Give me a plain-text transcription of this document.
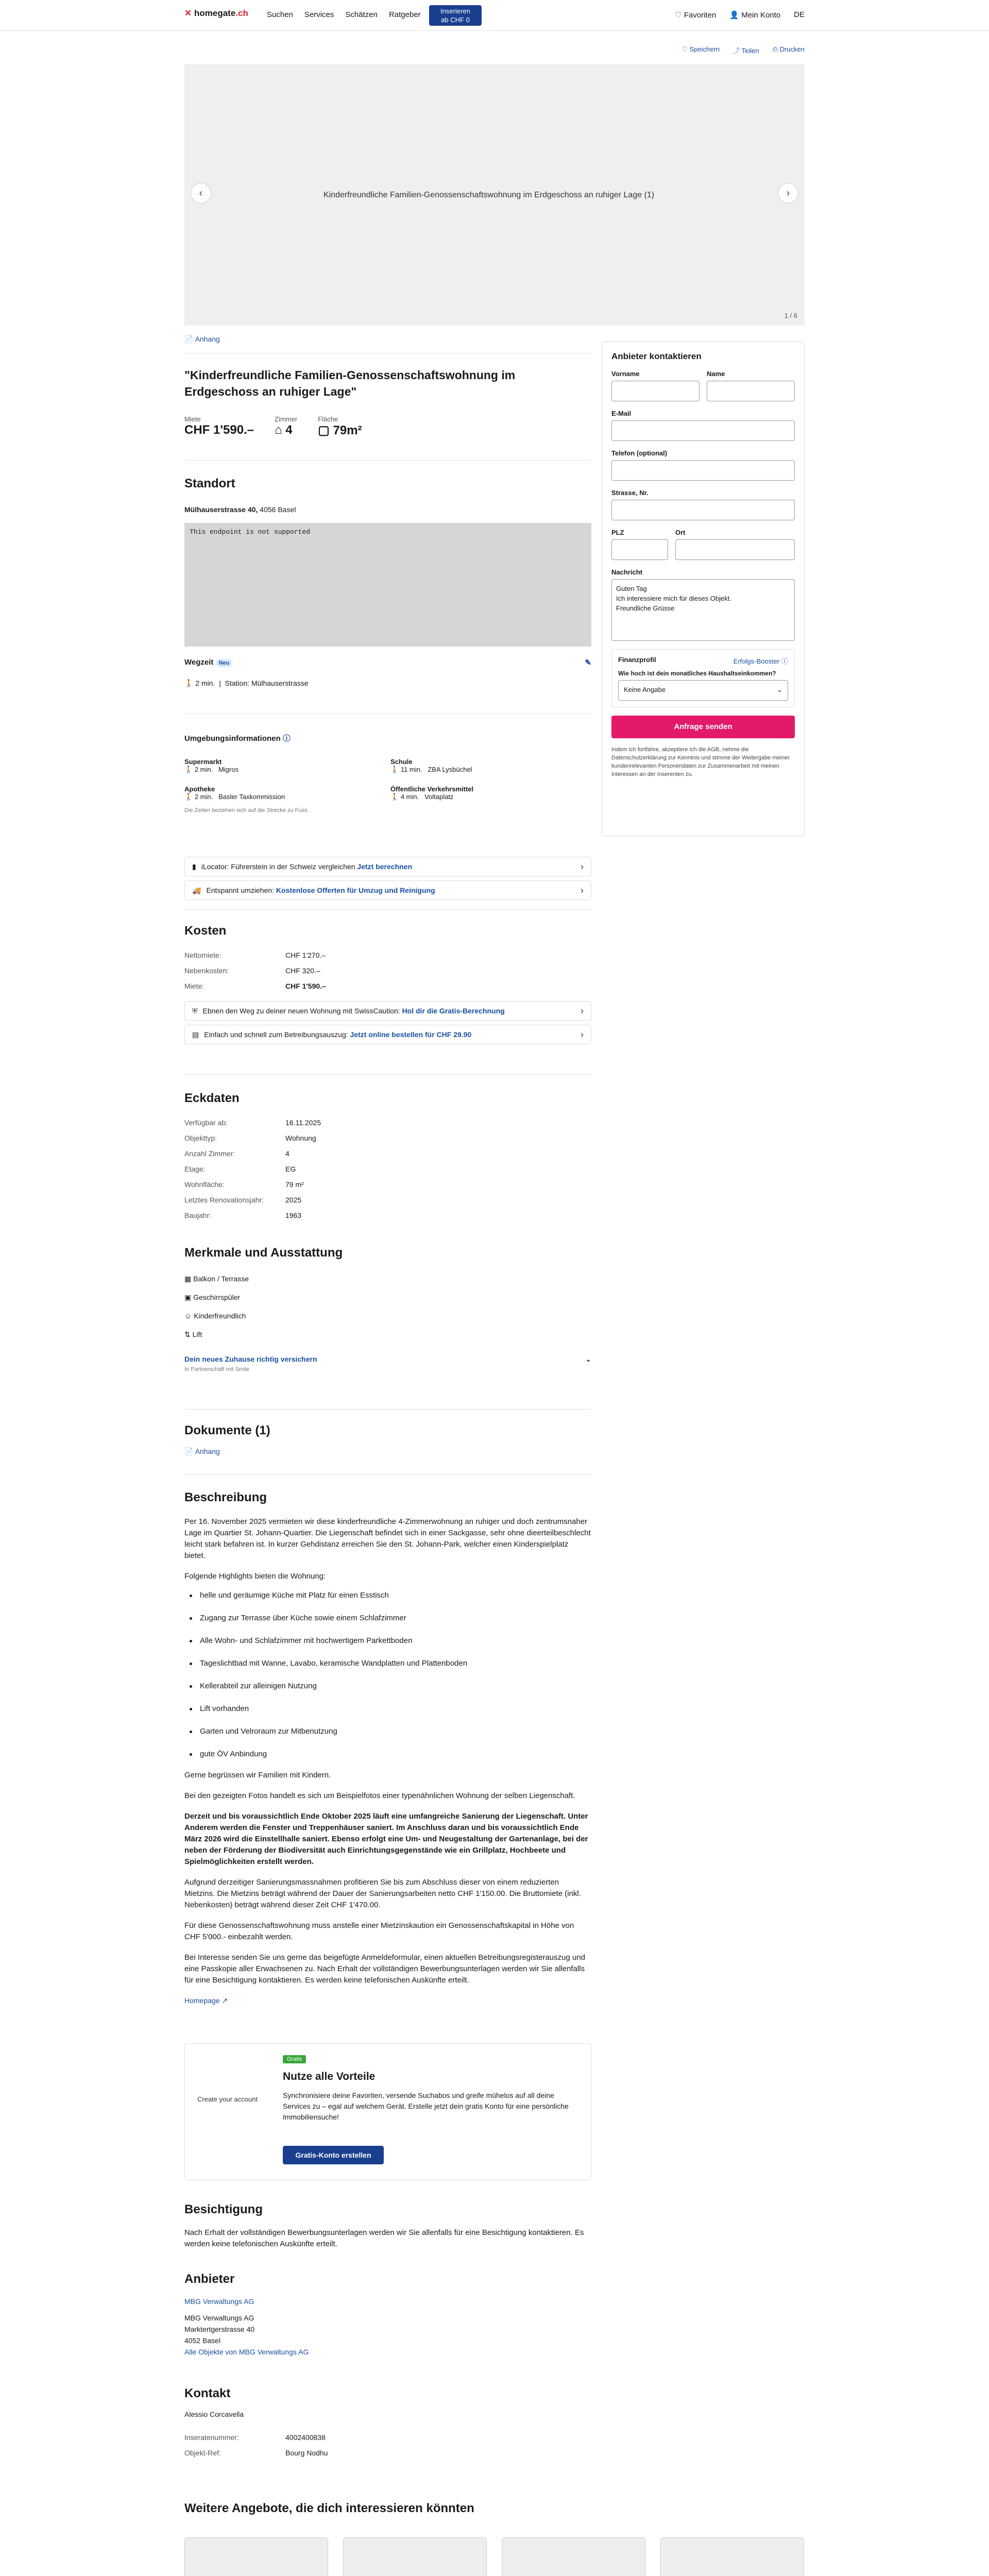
✕ homegate.ch Suchen Services Schätzen Ratgeber	Inserieren
ab CHF 0
♡ Favoriten 👤 Mein Konto DE
♡ Speichern ⤴ Teilen ⎙ Drucken
‹	Kinderfreundliche Familien-Genossenschaftswohnung im Erdgeschoss an ruhiger Lage (1)	›
1 / 6
📄 Anhang
"Kinderfreundliche Familien-Genossenschaftswohnung im Erdgeschoss an ruhiger Lage"
Miete
CHF 1'590.–
Zimmer
⌂ 4
Fläche
▢ 79m²
Standort
Mülhauserstrasse 40, 4056 Basel
This endpoint is not supported
Wegzeit Neu	✎
🚶 2 min.  |  Station: Mülhauserstrasse
Umgebungsinformationen ⓘ
Supermarkt
🚶 2 min. Migros
Schule
🚶 11 min. ZBA Lysbüchel
Apotheke
🚶 2 min. Basler Taxkommission
Öffentliche Verkehrsmittel
🚶 4 min. Voltaplatz
Die Zeiten beziehen sich auf die Strecke zu Fuss.
▮ iLocator: Führerstein in der Schweiz vergleichen Jetzt berechnen	›
🚚 Entspannt umziehen: Kostenlose Offerten für Umzug und Reinigung	›
Kosten
Nettomiete:	CHF 1'270.–
Nebenkosten:	CHF 320.–
Miete:	CHF 1'590.–
⛨ Ebnen den Weg zu deiner neuen Wohnung mit SwissCaution: Hol dir die Gratis-Berechnung	›
▤ Einfach und schnell zum Betreibungsauszug: Jetzt online bestellen für CHF 29.90	›
Eckdaten
Verfügbar ab:	16.11.2025
Objekttyp:	Wohnung
Anzahl Zimmer:	4
Etage:	EG
Wohnfläche:	79 m²
Letztes Renovationsjahr:	2025
Baujahr:	1963
Merkmale und Ausstattung
▦ Balkon / Terrasse
▣ Geschirrspüler
☺ Kinderfreundlich
⇅ Lift
Dein neues Zuhause richtig versichern	⌄
In Partnerschaft mit Smile
Dokumente (1)
📄 Anhang
Beschreibung

Per 16. November 2025 vermieten wir diese kinderfreundliche 4-Zimmerwohnung an ruhiger und doch zentrumsnaher Lage im Quartier St. Johann-Quartier. Die Liegenschaft befindet sich in einer Sackgasse, sehr ohne dieerteilbeschlecht leicht stark befahren ist. In kurzer Gehdistanz erreichen Sie den St. Johann-Park, welcher einen Kinderspielplatz bietet.

Folgende Highlights bieten die Wohnung:

helle und geräumige Küche mit Platz für einen Esstisch
Zugang zur Terrasse über Küche sowie einem Schlafzimmer
Alle Wohn- und Schlafzimmer mit hochwertigem Parkettboden
Tageslichtbad mit Wanne, Lavabo, keramische Wandplatten und Plattenboden
Kellerabteil zur alleinigen Nutzung
Lift vorhanden
Garten und Velroraum zur Mitbenutzung
gute ÖV Anbindung

Gerne begrüssen wir Familien mit Kindern.

Bei den gezeigten Fotos handelt es sich um Beispielfotos einer typenähnlichen Wohnung der selben Liegenschaft.

Derzeit und bis voraussichtlich Ende Oktober 2025 läuft eine umfangreiche Sanierung der Liegenschaft. Unter Anderem werden die Fenster und Treppenhäuser saniert. Im Anschluss daran und bis voraussichtlich Ende März 2026 wird die Einstellhalle saniert. Ebenso erfolgt eine Um- und Neugestaltung der Gartenanlage, bei der neben der Förderung der Biodiversität auch Einrichtungsgegenstände wie ein Grillplatz, Hochbeete und Spielmöglichkeiten erstellt werden.

Aufgrund derzeitiger Sanierungsmassnahmen profitieren Sie bis zum Abschluss dieser von einem reduzierten Mietzins. Die Mietzins beträgt während der Dauer der Sanierungsarbeiten netto CHF 1'150.00. Die Bruttomiete (inkl. Nebenkosten) beträgt während dieser Zeit CHF 1'470.00.

Für diese Genossenschaftswohnung muss anstelle einer Mietzinskaution ein Genossenschaftskapital in Höhe von CHF 5'000.- einbezahlt werden.

Bei Interesse senden Sie uns gerne das beigefügte Anmeldeformular, einen aktuellen Betreibungsregisterauszug und eine Passkopie aller Erwachsenen zu. Nach Erhalt der vollständigen Bewerbungsunterlagen werden wir Sie allenfalls für eine Besichtigung kontaktieren. Es werden keine telefonischen Auskünfte erteilt.

Homepage ↗
Gratis
Create your account
Nutze alle Vorteile
Synchronisiere deine Favoriten, versende Suchabos und greife mühelos auf all deine Services zu – egal auf welchem Gerät. Erstelle jetzt dein gratis Konto für eine persönliche Immobiliensuche!
Gratis-Konto erstellen
Besichtigung

Nach Erhalt der vollständigen Bewerbungsunterlagen werden wir Sie allenfalls für eine Besichtigung kontaktieren. Es werden keine telefonischen Auskünfte erteilt.

Anbieter
MBG Verwaltungs AG
MBG Verwaltungs AG
Marktertgerstrasse 40
4052 Basel
Alle Objekte von MBG Verwaltungs AG
Kontakt
Alessio Corcavella
Inseratenummer:	4002400838
Objekt-Ref:	Bourg Nodhu
Anbieter kontaktieren
Vorname	Name
E-Mail
Telefon (optional)
Strasse, Nr.
PLZ	Ort
Nachricht
Guten Tag
Ich interessiere mich für dieses Objekt.
Freundliche Grüsse
Finanzprofil	Erfolgs-Booster ⓘ
Wie hoch ist dein monatliches Haushaltseinkommen?
Keine Angabe	⌄
Anfrage senden
Indem ich fortfahre, akzeptiere ich die AGB, nehme die Datenschutzerklärung zur Kenntnis und stimme der Weitergabe meiner kundenrelevanten Personendaten zur Zusammenarbeit mit meinen Interessen an der Inserenten zu.
Weitere Angebote, die dich interessieren könnten
